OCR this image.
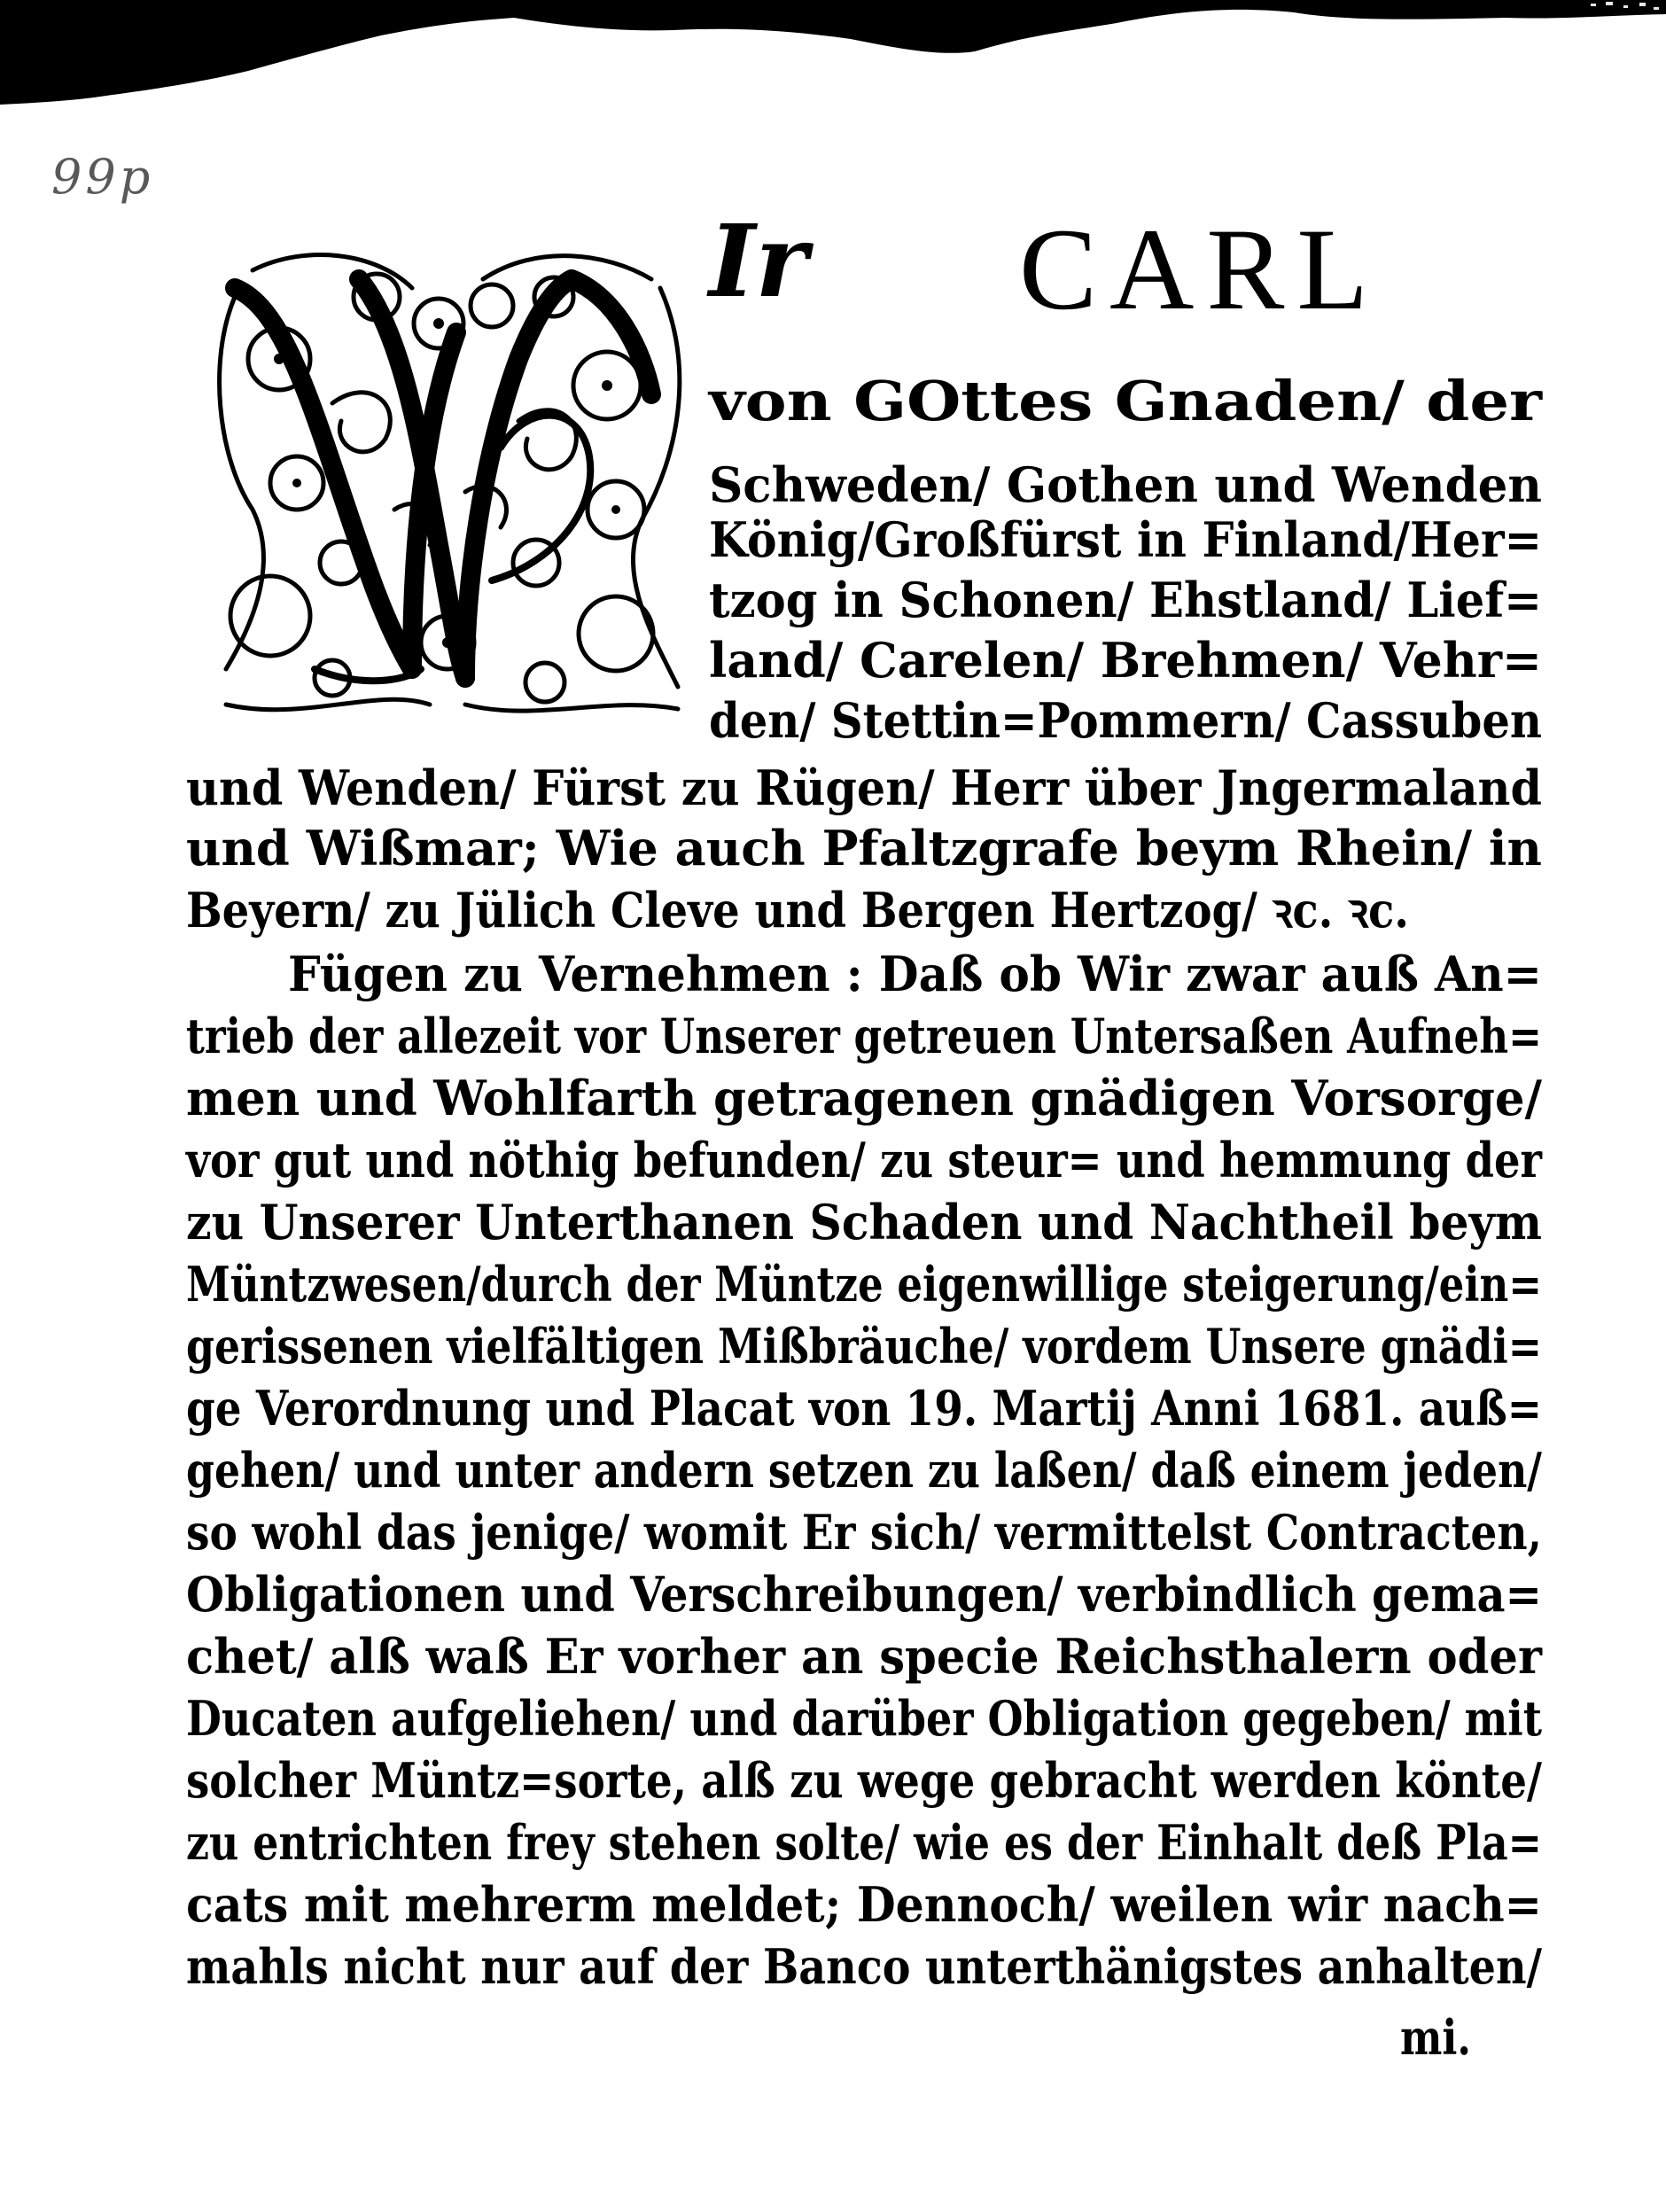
99p
Ir CARL
von GOttes Gnaden/ der
Schweden/ Gothen und Wenden
König/Großfürst in Finland/Her=
tzog in Schonen/ Ehstland/ Lief=
land/ Carelen/ Brehmen/ Vehr=
den/ Stettin=Pommern/ Cassuben
und Wenden/ Fürst zu Rügen/ Herr über Jngermaland
und Wißmar; Wie auch Pfaltzgrafe beym Rhein/ in
Beyern/ zu Jülich Cleve und Bergen Hertzog/ ꝛc. ꝛc.
Fügen zu Vernehmen : Daß ob Wir zwar auß An=
trieb der allezeit vor Unserer getreuen Untersaßen Aufneh=
men und Wohlfarth getragenen gnädigen Vorsorge/
vor gut und nöthig befunden/ zu steur= und hemmung der
zu Unserer Unterthanen Schaden und Nachtheil beym
Müntzwesen/durch der Müntze eigenwillige steigerung/ein=
gerissenen vielfältigen Mißbräuche/ vordem Unsere gnädi=
ge Verordnung und Placat von 19. Martij Anni 1681. auß=
gehen/ und unter andern setzen zu laßen/ daß einem jeden/
so wohl das jenige/ womit Er sich/ vermittelst Contracten,
Obligationen und Verschreibungen/ verbindlich gema=
chet/ alß waß Er vorher an specie Reichsthalern oder
Ducaten aufgeliehen/ und darüber Obligation gegeben/ mit
solcher Müntz=sorte, alß zu wege gebracht werden könte/
zu entrichten frey stehen solte/ wie es der Einhalt deß Pla=
cats mit mehrerm meldet; Dennoch/ weilen wir nach=
mahls nicht nur auf der Banco unterthänigstes anhalten/
mi.
